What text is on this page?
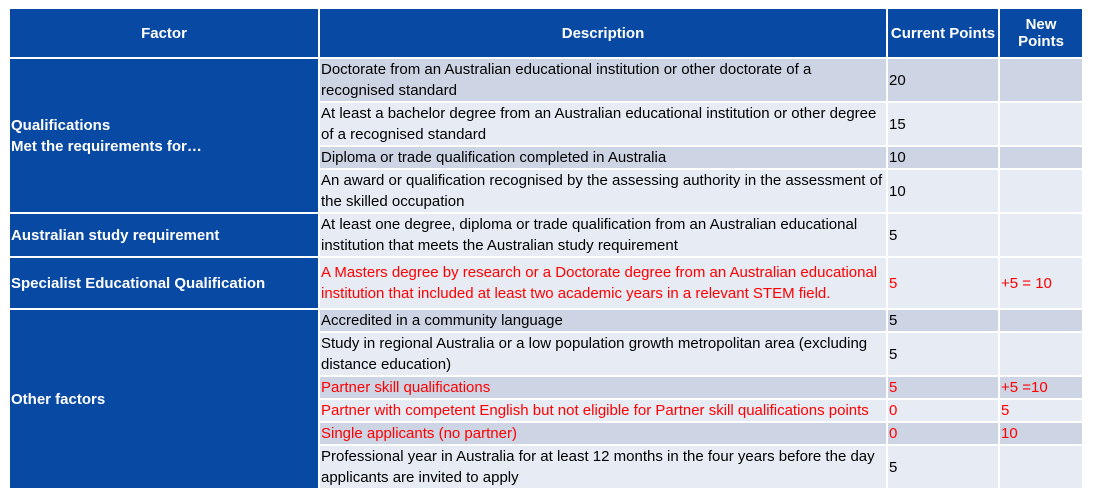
Factor	Description	Current Points	New Points

Qualifications
Met the requirements for…	Doctorate from an Australian educational institution or other doctorate of a recognised standard	20	
	At least a bachelor degree from an Australian educational institution or other degree of a recognised standard	15	
	Diploma or trade qualification completed in Australia	10	
	An award or qualification recognised by the assessing authority in the assessment of the skilled occupation	10	

Australian study requirement	At least one degree, diploma or trade qualification from an Australian educational institution that meets the Australian study requirement	5	

Specialist Educational Qualification	A Masters degree by research or a Doctorate degree from an Australian educational institution that included at least two academic years in a relevant STEM field.	5	+5 = 10

Other factors	Accredited in a community language	5	
	Study in regional Australia or a low population growth metropolitan area (excluding distance education)	5	
	Partner skill qualifications	5	+5 =10
	Partner with competent English but not eligible for Partner skill qualifications points	0	5
	Single applicants (no partner)	0	10
	Professional year in Australia for at least 12 months in the four years before the day applicants are invited to apply	5	
